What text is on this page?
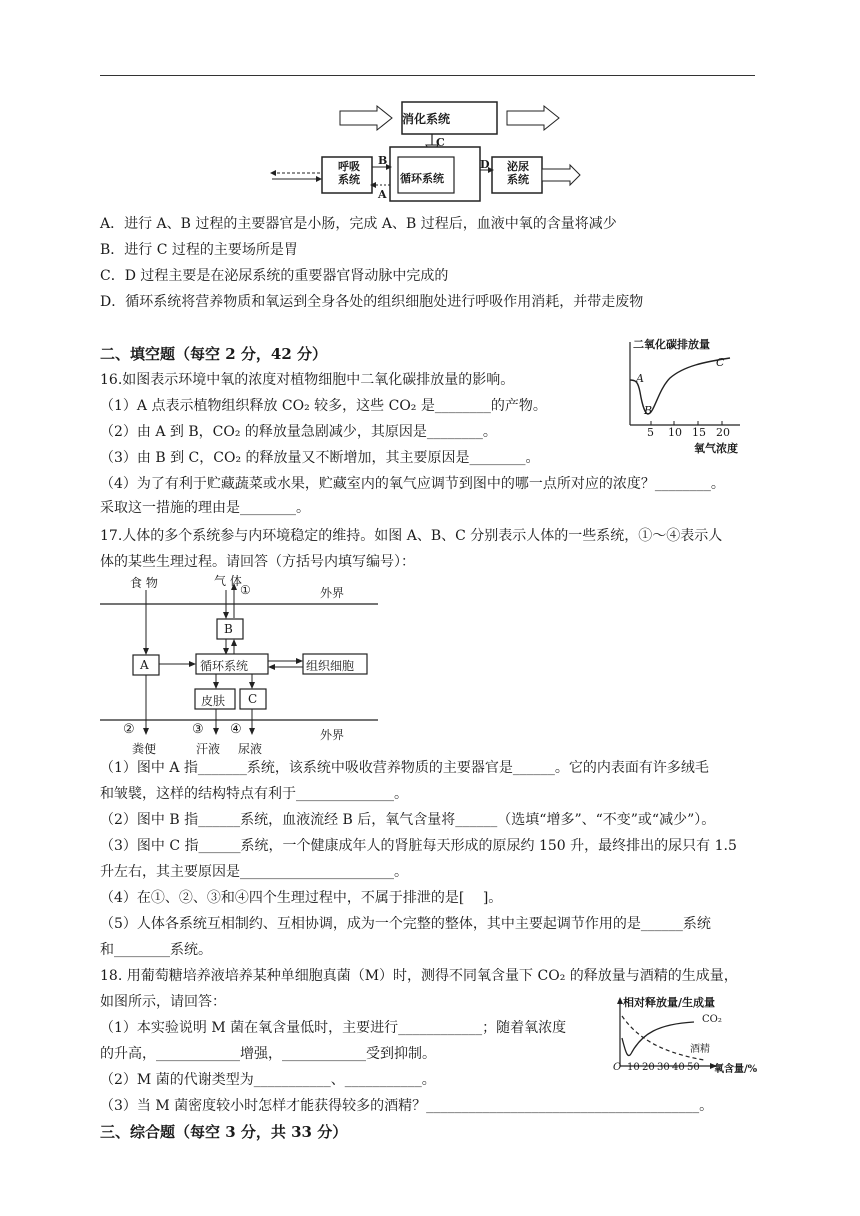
消化系统
呼吸
系统	循环系统
泌尿
系统
C
B
A
D
A．进行 A、B 过程的主要器官是小肠，完成 A、B 过程后，血液中氧的含量将减少
B．进行 C 过程的主要场所是胃
C．D 过程主要是在泌尿系统的重要器官肾动脉中完成的
D．循环系统将营养物质和氧运到全身各处的组织细胞处进行呼吸作用消耗，并带走废物
二、填空题（每空 2 分，42 分）
16.如图表示环境中氧的浓度对植物细胞中二氧化碳排放量的影响。
（1）A 点表示植物组织释放 CO₂ 较多，这些 CO₂ 是________的产物。
（2）由 A 到 B，CO₂ 的释放量急剧减少，其原因是________。
（3）由 B 到 C，CO₂ 的释放量又不断增加，其主要原因是________。
（4）为了有利于贮藏蔬菜或水果，贮藏室内的氧气应调节到图中的哪一点所对应的浓度？________。
采取这一措施的理由是________。
二氧化碳排放量
A
B
C
5 10 15 20
氧气浓度
17.人体的多个系统参与内环境稳定的维持。如图 A、B、C 分别表示人体的一些系统，①～④表示人
体的某些生理过程。请回答（方括号内填写编号）：
食 物	气 体
①	外界
B
A	循环系统	组织细胞
皮肤 C
②	③ ④	外界
粪便	汗液 尿液
（1）图中 A 指_______系统，该系统中吸收营养物质的主要器官是______。它的内表面有许多绒毛
和皱襞，这样的结构特点有利于______________。
（2）图中 B 指______系统，血液流经 B 后，氧气含量将______（选填“增多”、“不变”或“减少”）。
（3）图中 C 指______系统，一个健康成年人的肾脏每天形成的原尿约 150 升，最终排出的尿只有 1.5
升左右，其主要原因是______________________。
（4）在①、②、③和④四个生理过程中，不属于排泄的是[　 ]。
（5）人体各系统互相制约、互相协调，成为一个完整的整体，其中主要起调节作用的是______系统
和________系统。
18. 用葡萄糖培养液培养某种单细胞真菌（M）时，测得不同氧含量下 CO₂ 的释放量与酒精的生成量，
如图所示，请回答：
（1）本实验说明 M 菌在氧含量低时，主要进行____________；随着氧浓度
的升高，____________增强，____________受到抑制。
（2）M 菌的代谢类型为___________、___________。
（3）当 M 菌密度较小时怎样才能获得较多的酒精？_______________________________________。
相对释放量/生成量
CO₂
酒精
O 10 20 30 40 50 氧含量/%
三、综合题（每空 3 分，共 33 分）
